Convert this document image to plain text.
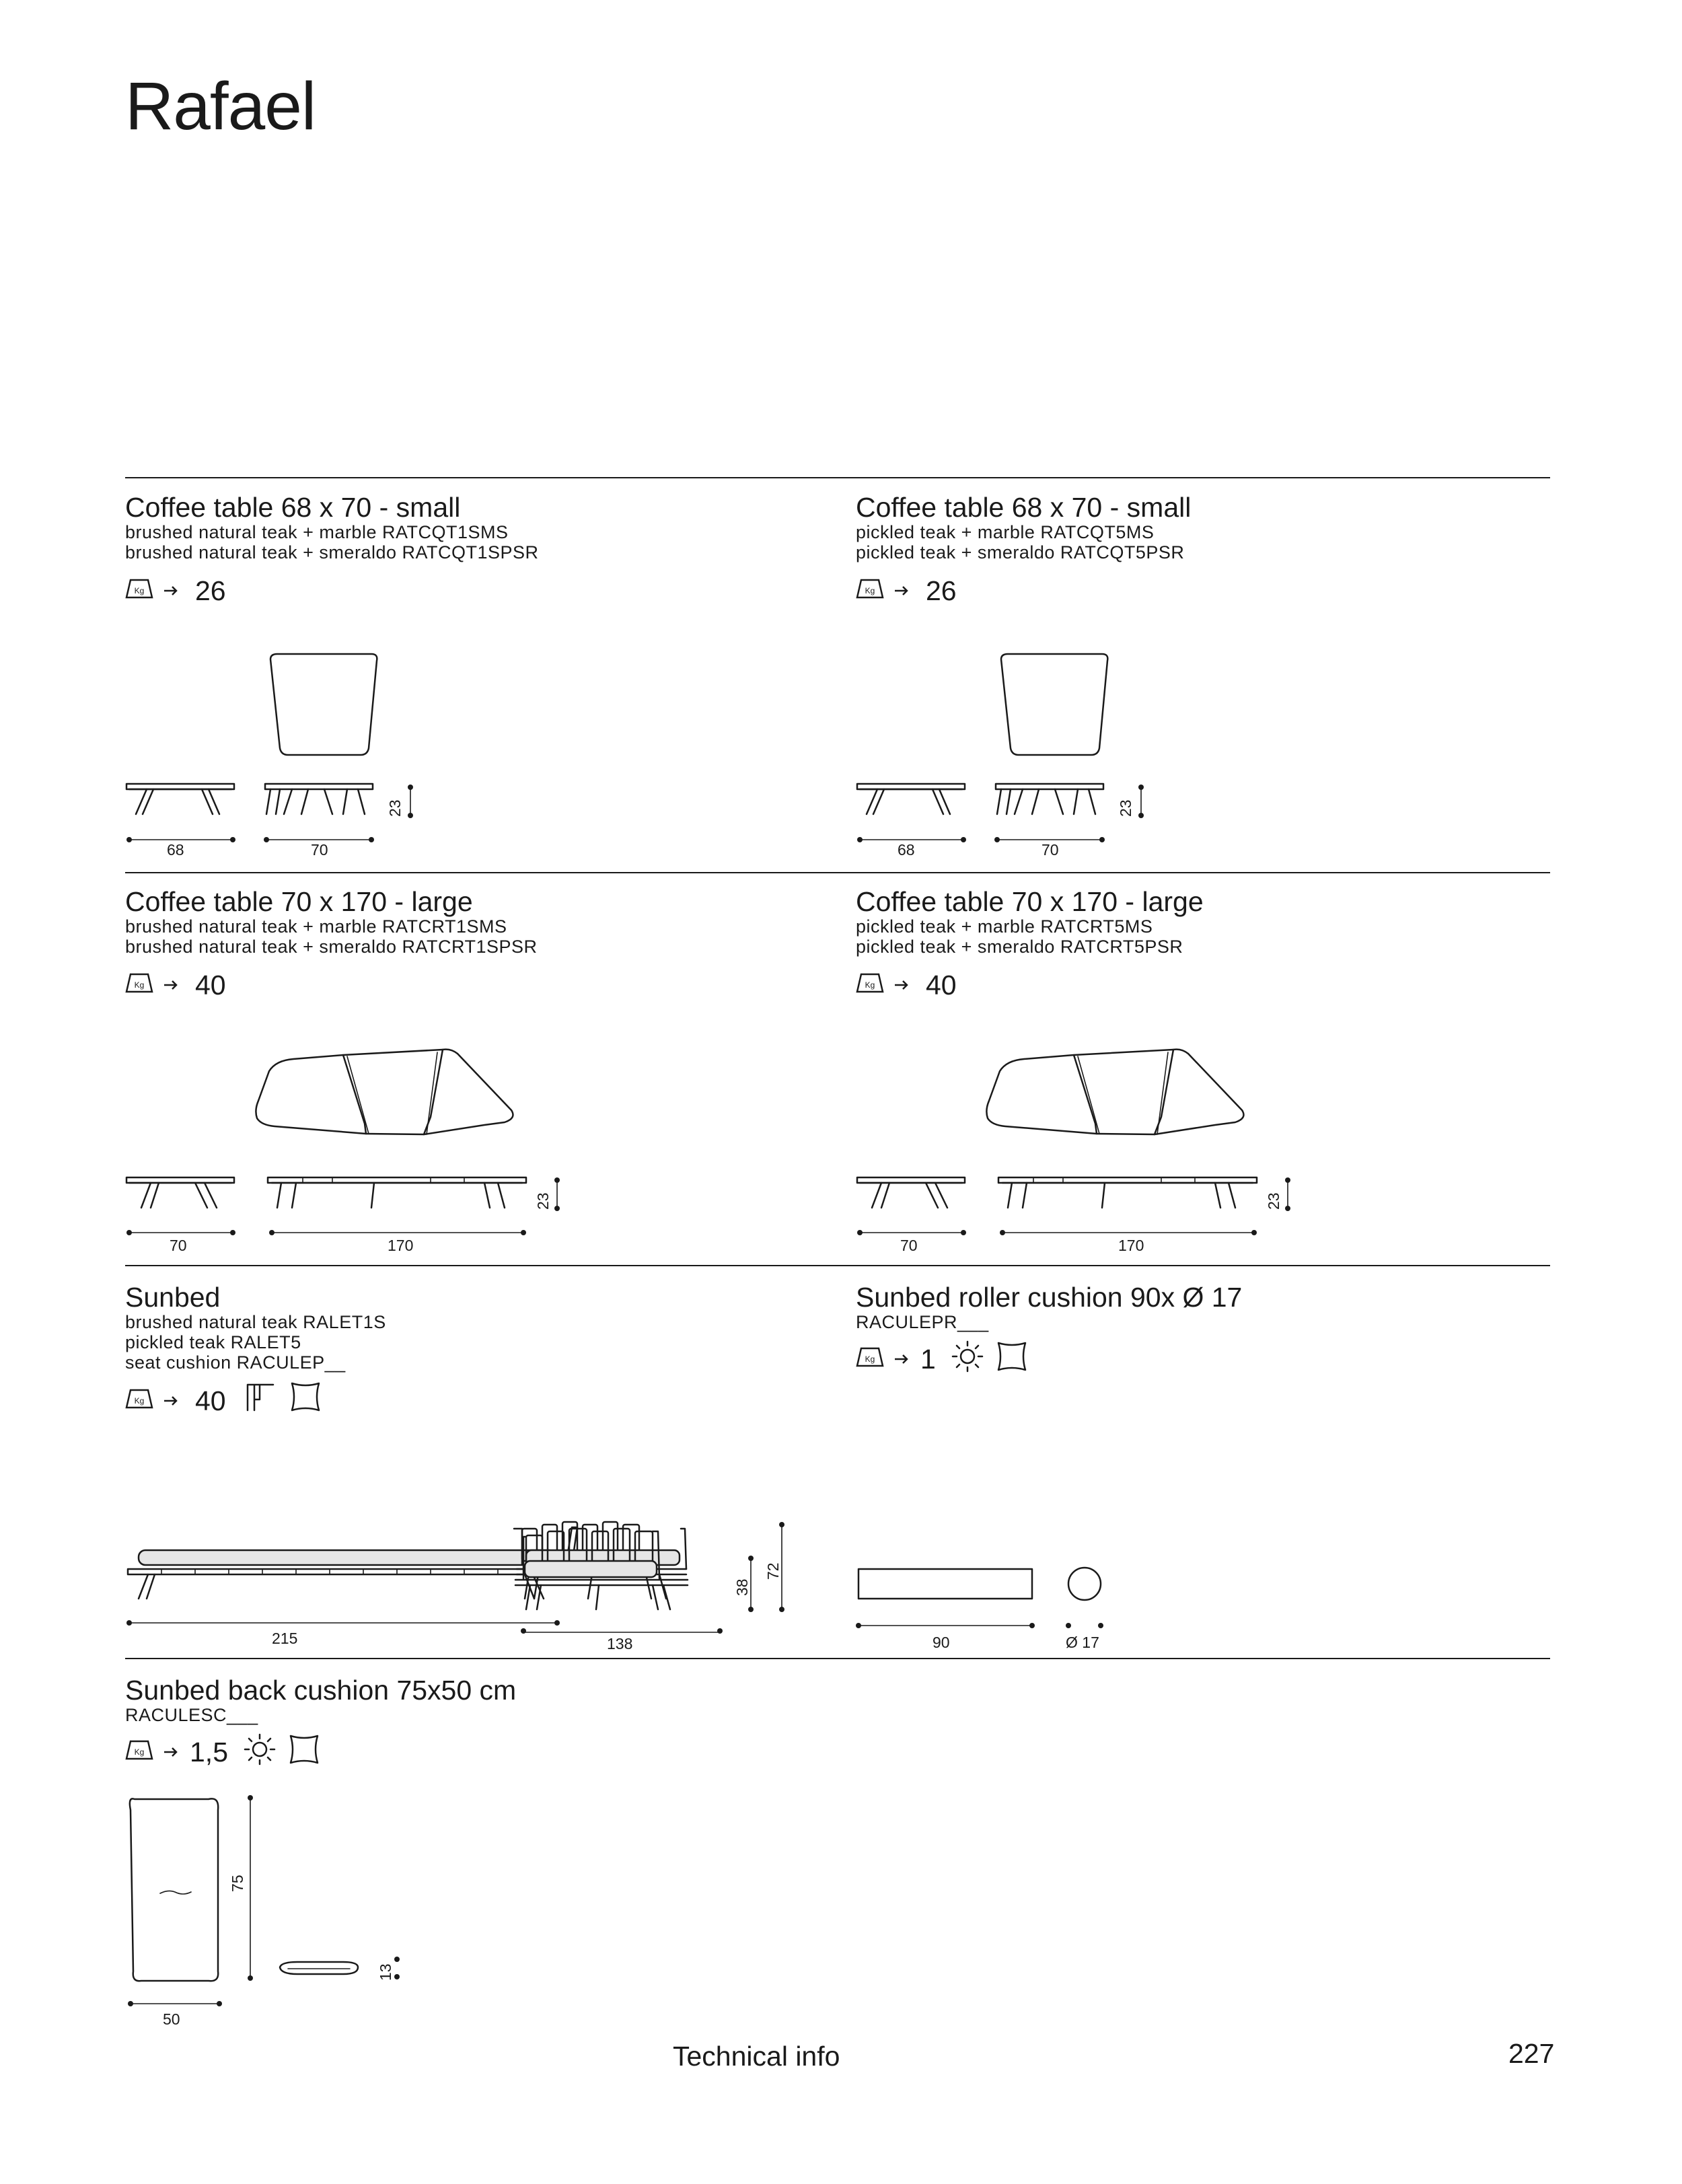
Rafael
Coffee table 68 x 70 - small
brushed natural teak + marble RATCQT1SMS
brushed natural teak + smeraldo RATCQT1SPSR
Kg 26
68	70
23
Coffee table 68 x 70 - small
pickled teak + marble RATCQT5MS
pickled teak + smeraldo RATCQT5PSR
Kg 26
68	70
23
Coffee table 70 x 170 - large
brushed natural teak + marble RATCRT1SMS
brushed natural teak + smeraldo RATCRT1SPSR
Kg 40
70	170
23
Coffee table 70 x 170 - large
pickled teak + marble RATCRT5MS
pickled teak + smeraldo RATCRT5PSR
Kg 40
70	170
23
Sunbed
brushed natural teak RALET1S
pickled teak RALET5
seat cushion RACULEP__
Kg 40
215	138
38
72
Sunbed roller cushion 90x Ø 17
RACULEPR___
Kg 1
90	Ø 17
Sunbed back cushion 75x50 cm
RACULESC___
Kg 1,5
50
75
13
Technical info	227
